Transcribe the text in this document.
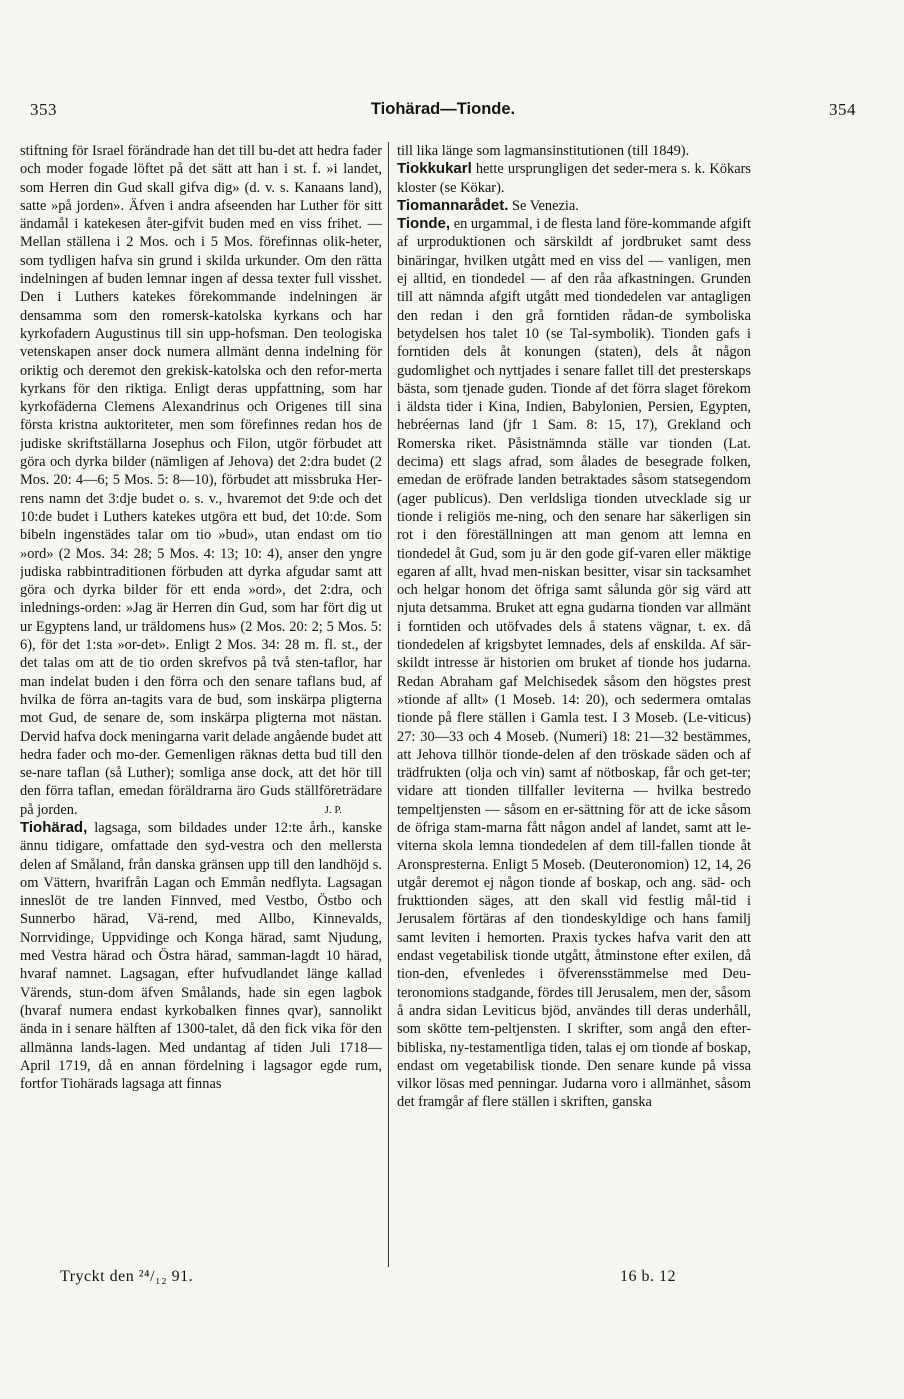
353	Tiohärad—Tionde.	354

stiftning för Israel förändrade han det till bu-det att hedra fader och moder fogade löftet på det sätt att han i st. f. »i landet, som Herren din Gud skall gifva dig» (d. v. s. Kanaans land), satte »på jorden». Äfven i andra afseenden har Luther för sitt ändamål i katekesen åter-gifvit buden med en viss frihet. — Mellan ställena i 2 Mos. och i 5 Mos. förefinnas olik-heter, som tydligen hafva sin grund i skilda urkunder. Om den rätta indelningen af buden lemnar ingen af dessa texter full visshet. Den i Luthers katekes förekommande indelningen är densamma som den romersk-katolska kyrkans och har kyrkofadern Augustinus till sin upp-hofsman. Den teologiska vetenskapen anser dock numera allmänt denna indelning för oriktig och deremot den grekisk-katolska och den refor-merta kyrkans för den riktiga. Enligt deras uppfattning, som har kyrkofäderna Clemens Alexandrinus och Origenes till sina första kristna auktoriteter, men som förefinnes redan hos de judiske skriftställarna Josephus och Filon, utgör förbudet att göra och dyrka bilder (nämligen af Jehova) det 2:dra budet (2 Mos. 20: 4—6; 5 Mos. 5: 8—10), förbudet att missbruka Her-rens namn det 3:dje budet o. s. v., hvaremot det 9:de och det 10:de budet i Luthers katekes utgöra ett bud, det 10:de. Som bibeln ingenstädes talar om tio »bud», utan endast om tio »ord» (2 Mos. 34: 28; 5 Mos. 4: 13; 10: 4), anser den yngre judiska rabbintraditionen förbuden att dyrka afgudar samt att göra och dyrka bilder för ett enda »ord», det 2:dra, och inlednings-orden: »Jag är Herren din Gud, som har fört dig ut ur Egyptens land, ur träldomens hus» (2 Mos. 20: 2; 5 Mos. 5: 6), för det 1:sta »or-det». Enligt 2 Mos. 34: 28 m. fl. st., der det talas om att de tio orden skrefvos på två sten-taflor, har man indelat buden i den förra och den senare taflans bud, af hvilka de förra an-tagits vara de bud, som inskärpa pligterna mot Gud, de senare de, som inskärpa pligterna mot nästan. Dervid hafva dock meningarna varit delade angående budet att hedra fader och mo-der. Gemenligen räknas detta bud till den se-nare taflan (så Luther); somliga anse dock, att det hör till den förra taflan, emedan föräldrarna äro Guds ställföreträdare på jorden.	J. P.

Tiohärad, lagsaga, som bildades under 12:te årh., kanske ännu tidigare, omfattade den syd-vestra och den mellersta delen af Småland, från danska gränsen upp till den landhöjd s. om Vättern, hvarifrån Lagan och Emmån nedflyta. Lagsagan inneslöt de tre landen Finnved, med Vestbo, Östbo och Sunnerbo härad, Vä-rend, med Allbo, Kinnevalds, Norrvidinge, Uppvidinge och Konga härad, samt Njudung, med Vestra härad och Östra härad, samman-lagdt 10 härad, hvaraf namnet. Lagsagan, efter hufvudlandet länge kallad Värends, stun-dom äfven Smålands, hade sin egen lagbok (hvaraf numera endast kyrkobalken finnes qvar), sannolikt ända in i senare hälften af 1300-talet, då den fick vika för den allmänna lands-lagen. Med undantag af tiden Juli 1718— April 1719, då en annan fördelning i lagsagor egde rum, fortfor Tiohärads lagsaga att finnas

till lika länge som lagmansinstitutionen (till 1849).

Tiokkukarl hette ursprungligen det seder-mera s. k. Kökars kloster (se Kökar).

Tiomannarådet. Se Venezia.

Tionde, en urgammal, i de flesta land före-kommande afgift af urproduktionen och särskildt af jordbruket samt dess binäringar, hvilken utgått med en viss del — vanligen, men ej alltid, en tiondedel — af den råa afkastningen. Grunden till att nämnda afgift utgått med tiondedelen var antagligen den redan i den grå forntiden rådan-de symboliska betydelsen hos talet 10 (se Tal-symbolik). Tionden gafs i forntiden dels åt konungen (staten), dels åt någon gudomlighet och nyttjades i senare fallet till det presterskaps bästa, som tjenade guden. Tionde af det förra slaget förekom i äldsta tider i Kina, Indien, Babylonien, Persien, Egypten, hebréernas land (jfr 1 Sam. 8: 15, 17), Grekland och Romerska riket. Påsistnämnda ställe var tionden (Lat. decima) ett slags afrad, som ålades de besegrade folken, emedan de eröfrade landen betraktades såsom statsegendom (ager publicus). Den verldsliga tionden utvecklade sig ur tionde i religiös me-ning, och den senare har säkerligen sin rot i den föreställningen att man genom att lemna en tiondedel åt Gud, som ju är den gode gif-varen eller mäktige egaren af allt, hvad men-niskan besitter, visar sin tacksamhet och helgar honom det öfriga samt sålunda gör sig värd att njuta detsamma. Bruket att egna gudarna tionden var allmänt i forntiden och utöfvades dels å statens vägnar, t. ex. då tiondedelen af krigsbytet lemnades, dels af enskilda. Af sär-skildt intresse är historien om bruket af tionde hos judarna. Redan Abraham gaf Melchisedek såsom den högstes prest »tionde af allt» (1 Moseb. 14: 20), och sedermera omtalas tionde på flere ställen i Gamla test. I 3 Moseb. (Le-viticus) 27: 30—33 och 4 Moseb. (Numeri) 18: 21—32 bestämmes, att Jehova tillhör tionde-delen af den tröskade säden och af trädfrukten (olja och vin) samt af nötboskap, får och get-ter; vidare att tionden tillfaller leviterna — hvilka bestredo tempeltjensten — såsom en er-sättning för att de icke såsom de öfriga stam-marna fått någon andel af landet, samt att le-viterna skola lemna tiondedelen af dem till-fallen tionde åt Aronspresterna. Enligt 5 Moseb. (Deuteronomion) 12, 14, 26 utgår deremot ej någon tionde af boskap, och ang. säd- och frukttionden säges, att den skall vid festlig mål-tid i Jerusalem förtäras af den tiondeskyldige och hans familj samt leviten i hemorten. Praxis tyckes hafva varit den att endast vegetabilisk tionde utgått, åtminstone efter exilen, då tion-den, efvenledes i öfverensstämmelse med Deu-teronomions stadgande, fördes till Jerusalem, men der, såsom å andra sidan Leviticus bjöd, användes till deras underhåll, som skötte tem-peltjensten. I skrifter, som angå den efter-bibliska, ny-testamentliga tiden, talas ej om tionde af boskap, endast om vegetabilisk tionde. Den senare kunde på vissa vilkor lösas med penningar. Judarna voro i allmänhet, såsom det framgår af flere ställen i skriften, ganska

Tryckt den ²⁴/₁₂ 91.	16 b. 12
